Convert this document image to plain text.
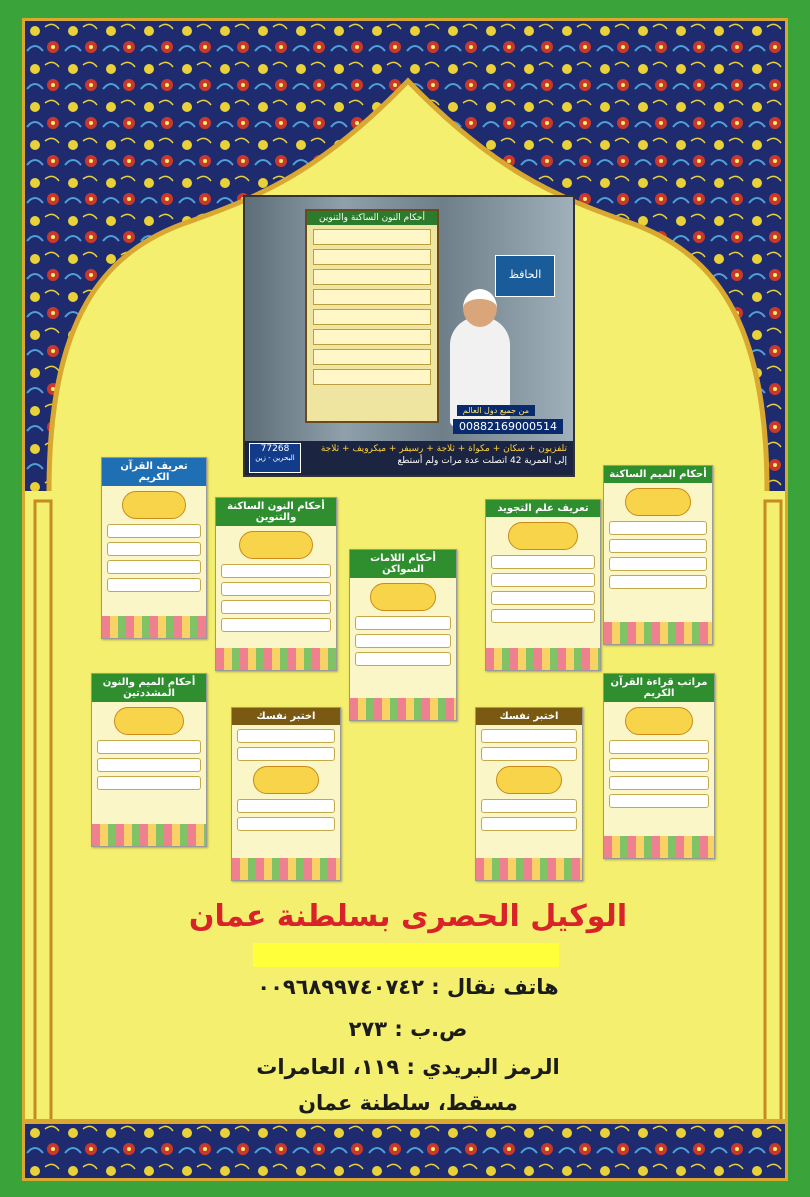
أحكام النون الساكنة والتنوين
الحافظ
من جميع دول العالم
00882169000514
تلفزيون + سكان + مكواة + ثلاجة + رسيفر + ميكرويف + ثلاجة
إلى العمرية 42 اتصلت عدة مرات ولم أستطع
77268
البحرين - زين
تعريف القرآن الكريم
أحكام النون الساكنة والتنوين
أحكام اللامات السواكن
تعريف علم التجويد
أحكام الميم الساكنة
أحكام الميم والنون المشددتين
اختبر نفسك	اختبر نفسك
مراتب قراءة القرآن الكريم
الوكيل الحصرى بسلطنة عمان
هاتف نقال : ٠٠٩٦٨٩٩٧٤٠٧٤٢
ص.ب : ٢٧٣
الرمز البريدي : ١١٩، العامرات
مسقط، سلطنة عمان
